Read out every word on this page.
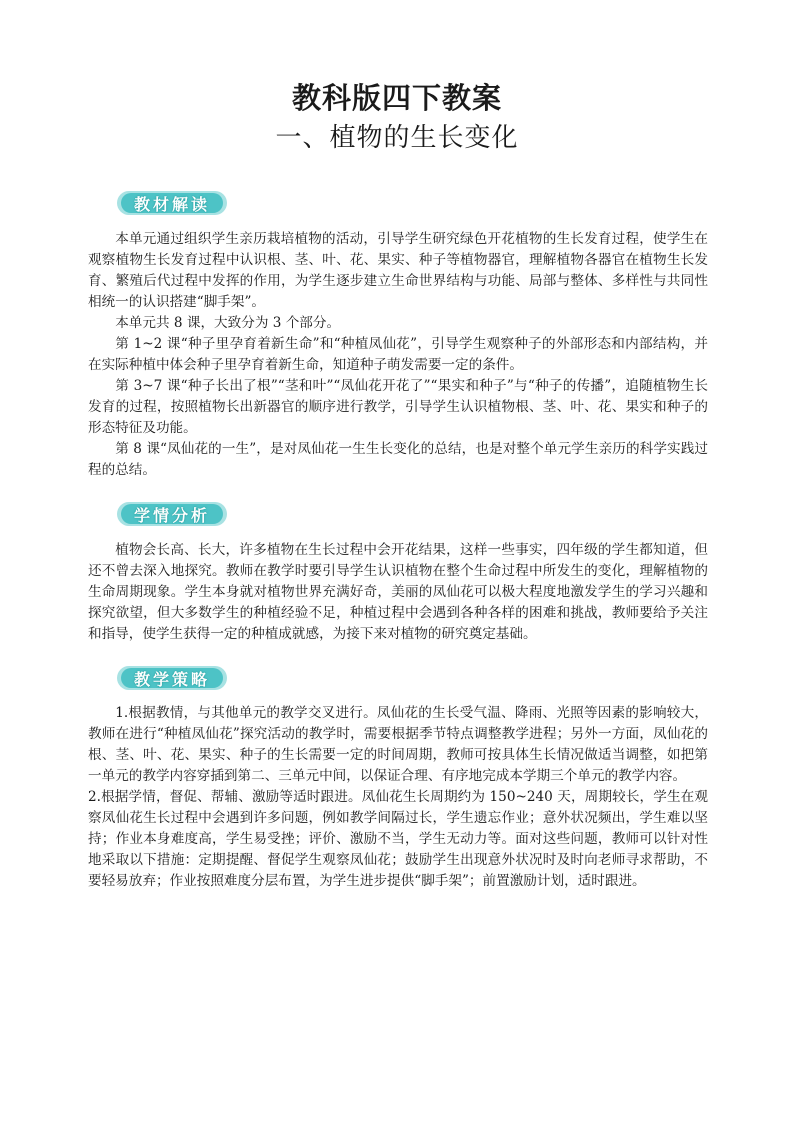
教科版四下教案
一、植物的生长变化
教材解读

本单元通过组织学生亲历栽培植物的活动，引导学生研究绿色开花植物的生长发育过程，使学生在观察植物生长发育过程中认识根、茎、叶、花、果实、种子等植物器官，理解植物各器官在植物生长发育、繁殖后代过程中发挥的作用，为学生逐步建立生命世界结构与功能、局部与整体、多样性与共同性相统一的认识搭建“脚手架”。

本单元共 8 课，大致分为 3 个部分。

第 1~2 课“种子里孕育着新生命”和“种植凤仙花”，引导学生观察种子的外部形态和内部结构，并在实际种植中体会种子里孕育着新生命，知道种子萌发需要一定的条件。

第 3~7 课“种子长出了根”“茎和叶”“凤仙花开花了”“果实和种子”与“种子的传播”，追随植物生长发育的过程，按照植物长出新器官的顺序进行教学，引导学生认识植物根、茎、叶、花、果实和种子的形态特征及功能。

第 8 课“凤仙花的一生”，是对凤仙花一生生长变化的总结，也是对整个单元学生亲历的科学实践过程的总结。

学情分析

植物会长高、长大，许多植物在生长过程中会开花结果，这样一些事实，四年级的学生都知道，但还不曾去深入地探究。教师在教学时要引导学生认识植物在整个生命过程中所发生的变化，理解植物的生命周期现象。学生本身就对植物世界充满好奇，美丽的凤仙花可以极大程度地激发学生的学习兴趣和探究欲望，但大多数学生的种植经验不足，种植过程中会遇到各种各样的困难和挑战，教师要给予关注和指导，使学生获得一定的种植成就感，为接下来对植物的研究奠定基础。

教学策略

1.根据教情，与其他单元的教学交叉进行。凤仙花的生长受气温、降雨、光照等因素的影响较大，教师在进行“种植凤仙花”探究活动的教学时，需要根据季节特点调整教学进程；另外一方面，凤仙花的根、茎、叶、花、果实、种子的生长需要一定的时间周期，教师可按具体生长情况做适当调整，如把第一单元的教学内容穿插到第二、三单元中间，以保证合理、有序地完成本学期三个单元的教学内容。

2.根据学情，督促、帮辅、激励等适时跟进。凤仙花生长周期约为 150~240 天，周期较长，学生在观察凤仙花生长过程中会遇到许多问题，例如教学间隔过长，学生遗忘作业；意外状况频出，学生难以坚持；作业本身难度高，学生易受挫；评价、激励不当，学生无动力等。面对这些问题，教师可以针对性地采取以下措施：定期提醒、督促学生观察凤仙花；鼓励学生出现意外状况时及时向老师寻求帮助，不要轻易放弃；作业按照难度分层布置，为学生进步提供“脚手架”；前置激励计划，适时跟进。
